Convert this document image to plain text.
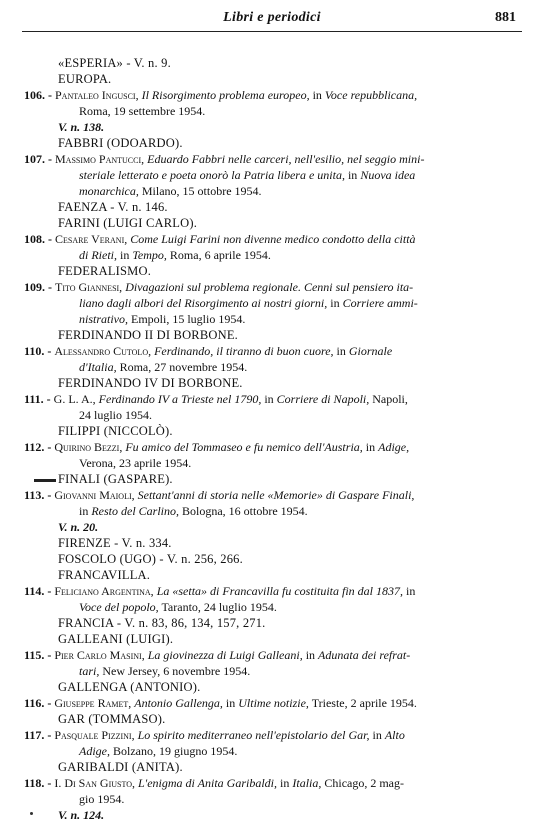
Libri e periodici	881
«ESPERIA» - V. n. 9.
EUROPA.
106. - Pantaleo Ingusci, Il Risorgimento problema europeo, in Voce repubblicana,
Roma, 19 settembre 1954.
V. n. 138.
FABBRI (ODOARDO).
107. - Massimo Pantucci, Eduardo Fabbri nelle carceri, nell'esilio, nel seggio mini-
steriale letterato e poeta onorò la Patria libera e unita, in Nuova idea
monarchica, Milano, 15 ottobre 1954.
FAENZA - V. n. 146.
FARINI (LUIGI CARLO).
108. - Cesare Verani, Come Luigi Farini non divenne medico condotto della città
di Rieti, in Tempo, Roma, 6 aprile 1954.
FEDERALISMO.
109. - Tito Giannesi, Divagazioni sul problema regionale. Cenni sul pensiero ita-
liano dagli albori del Risorgimento ai nostri giorni, in Corriere ammi-
nistrativo, Empoli, 15 luglio 1954.
FERDINANDO II DI BORBONE.
110. - Alessandro Cutolo, Ferdinando, il tiranno di buon cuore, in Giornale
d'Italia, Roma, 27 novembre 1954.
FERDINANDO IV DI BORBONE.
111. - G. L. A., Ferdinando IV a Trieste nel 1790, in Corriere di Napoli, Napoli,
24 luglio 1954.
FILIPPI (NICCOLÒ).
112. - Quirino Bezzi, Fu amico del Tommaseo e fu nemico dell'Austria, in Adige,
Verona, 23 aprile 1954.
FINALI (GASPARE).
113. - Giovanni Maioli, Settant'anni di storia nelle «Memorie» di Gaspare Finali,
in Resto del Carlino, Bologna, 16 ottobre 1954.
V. n. 20.
FIRENZE - V. n. 334.
FOSCOLO (UGO) - V. n. 256, 266.
FRANCAVILLA.
114. - Feliciano Argentina, La «setta» di Francavilla fu costituita fin dal 1837, in
Voce del popolo, Taranto, 24 luglio 1954.
FRANCIA - V. n. 83, 86, 134, 157, 271.
GALLEANI (LUIGI).
115. - Pier Carlo Masini, La giovinezza di Luigi Galleani, in Adunata dei refrat-
tari, New Jersey, 6 novembre 1954.
GALLENGA (ANTONIO).
116. - Giuseppe Ramet, Antonio Gallenga, in Ultime notizie, Trieste, 2 aprile 1954.
GAR (TOMMASO).
117. - Pasquale Pizzini, Lo spirito mediterraneo nell'epistolario del Gar, in Alto
Adige, Bolzano, 19 giugno 1954.
GARIBALDI (ANITA).
118. - I. Di San Giusto, L'enigma di Anita Garibaldi, in Italia, Chicago, 2 mag-
gio 1954.
V. n. 124.
